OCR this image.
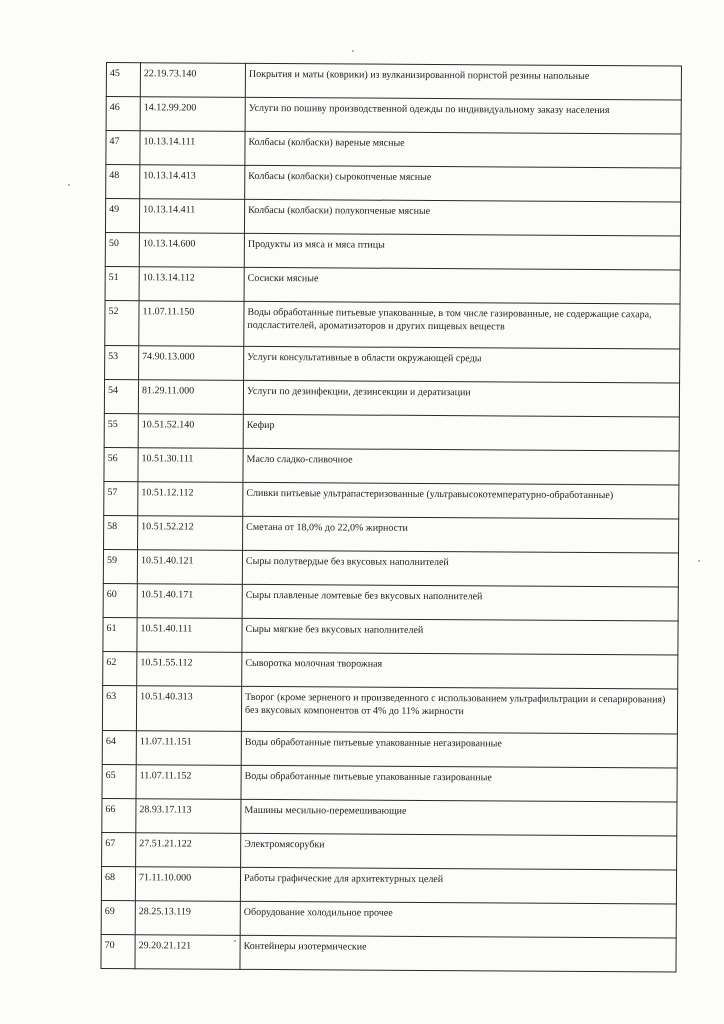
45	22.19.73.140	Покрытия и маты (коврики) из вулканизированной пористой резины напольные
46	14.12.99.200	Услуги по пошиву производственной одежды по индивидуальному заказу населения
47	10.13.14.111	Колбасы (колбаски) вареные мясные
48	10.13.14.413	Колбасы (колбаски) сырокопченые мясные
49	10.13.14.411	Колбасы (колбаски) полукопченые мясные
50	10.13.14.600	Продукты из мяса и мяса птицы
51	10.13.14.112	Сосиски мясные
52	11.07.11.150	Воды обработанные питьевые упакованные, в том числе газированные, не содержащие сахара, подсластителей, ароматизаторов и других пищевых веществ
53	74.90.13.000	Услуги консультативные в области окружающей среды
54	81.29.11.000	Услуги по дезинфекции, дезинсекции и дератизации
55	10.51.52.140	Кефир
56	10.51.30.111	Масло сладко-сливочное
57	10.51.12.112	Сливки питьевые ультрапастеризованные (ультравысокотемпературно-обработанные)
58	10.51.52.212	Сметана от 18,0% до 22,0% жирности
59	10.51.40.121	Сыры полутвердые без вкусовых наполнителей
60	10.51.40.171	Сыры плавленые ломтевые без вкусовых наполнителей
61	10.51.40.111	Сыры мягкие без вкусовых наполнителей
62	10.51.55.112	Сыворотка молочная творожная
63	10.51.40.313	Творог (кроме зерненого и произведенного с использованием ультрафильтрации и сепарирования) без вкусовых компонентов от 4% до 11% жирности
64	11.07.11.151	Воды обработанные питьевые упакованные негазированные
65	11.07.11.152	Воды обработанные питьевые упакованные газированные
66	28.93.17.113	Машины месильно-перемешивающие
67	27.51.21.122	Электромясорубки
68	71.11.10.000	Работы графические для архитектурных целей
69	28.25.13.119	Оборудование холодильное прочее
70	29.20.21.121	Контейнеры изотермические
